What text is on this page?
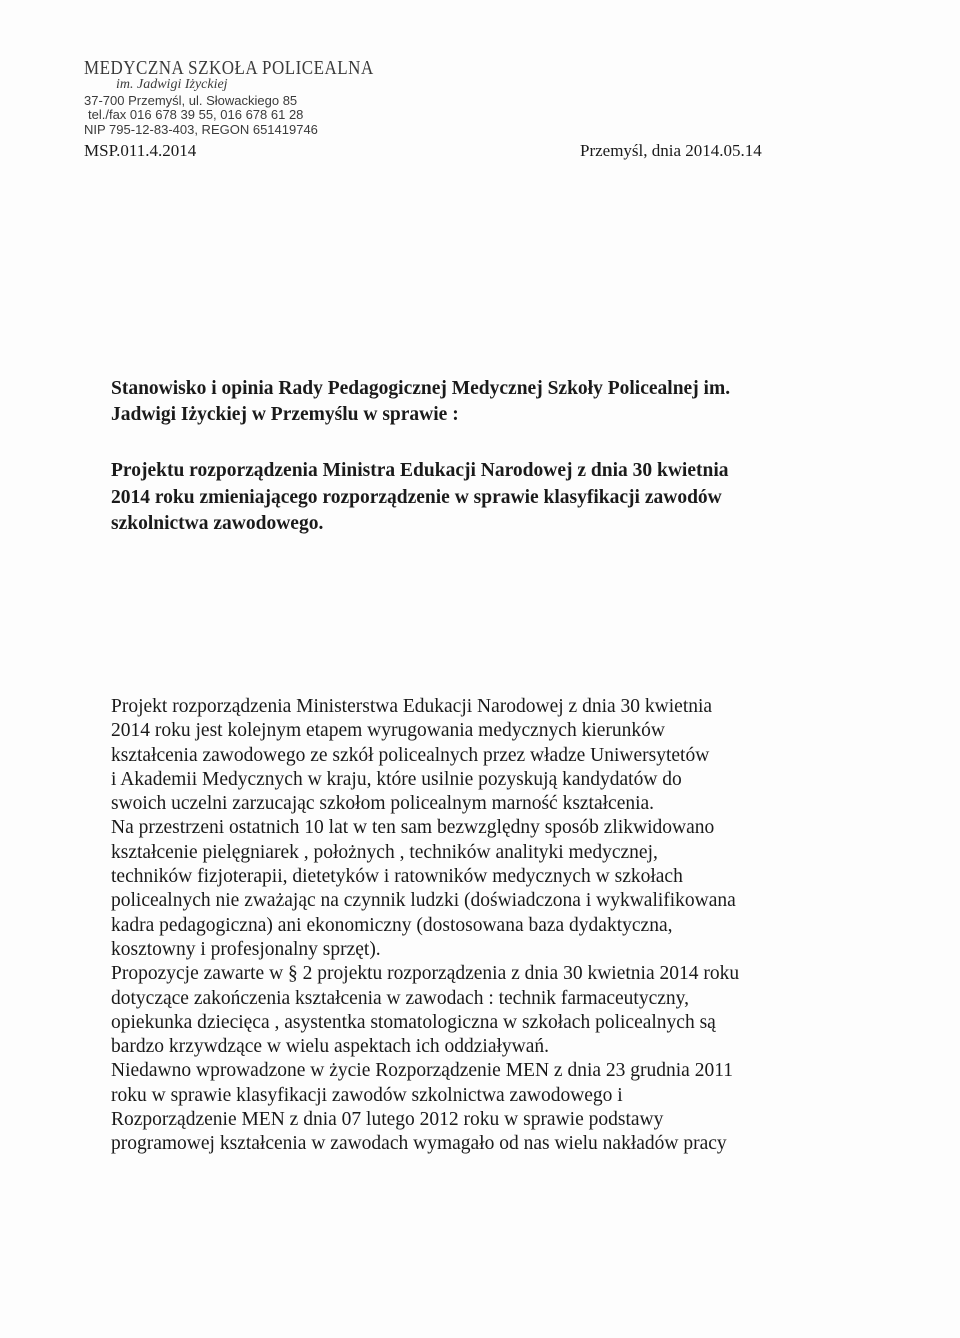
MEDYCZNA SZKOŁA POLICEALNA
im. Jadwigi Iżyckiej
37-700 Przemyśl, ul. Słowackiego 85
tel./fax 016 678 39 55, 016 678 61 28
NIP 795-12-83-403, REGON 651419746
MSP.011.4.2014	Przemyśl, dnia 2014.05.14
Stanowisko i opinia Rady Pedagogicznej Medycznej Szkoły Policealnej im.
Jadwigi Iżyckiej w Przemyślu w sprawie :
Projektu rozporządzenia Ministra Edukacji Narodowej z dnia 30 kwietnia
2014 roku zmieniającego rozporządzenie w sprawie klasyfikacji zawodów
szkolnictwa zawodowego.
Projekt rozporządzenia Ministerstwa Edukacji Narodowej z dnia 30 kwietnia
2014 roku jest kolejnym etapem wyrugowania medycznych kierunków
kształcenia zawodowego ze szkół policealnych przez władze Uniwersytetów
i Akademii Medycznych w kraju, które usilnie pozyskują kandydatów do
swoich uczelni zarzucając szkołom policealnym marność kształcenia.
Na przestrzeni ostatnich 10 lat w ten sam bezwzględny sposób zlikwidowano
kształcenie pielęgniarek , położnych , techników analityki medycznej,
techników fizjoterapii, dietetyków i ratowników medycznych w szkołach
policealnych nie zważając na czynnik ludzki (doświadczona i wykwalifikowana
kadra pedagogiczna) ani ekonomiczny (dostosowana baza dydaktyczna,
kosztowny i profesjonalny sprzęt).
Propozycje zawarte w § 2 projektu rozporządzenia z dnia 30 kwietnia 2014 roku
dotyczące zakończenia kształcenia w zawodach : technik farmaceutyczny,
opiekunka dziecięca , asystentka stomatologiczna w szkołach policealnych są
bardzo krzywdzące w wielu aspektach ich oddziaływań.
Niedawno wprowadzone w życie Rozporządzenie MEN z dnia 23 grudnia 2011
roku w sprawie klasyfikacji zawodów szkolnictwa zawodowego i
Rozporządzenie MEN z dnia 07 lutego 2012 roku w sprawie podstawy
programowej kształcenia w zawodach wymagało od nas wielu nakładów pracy
